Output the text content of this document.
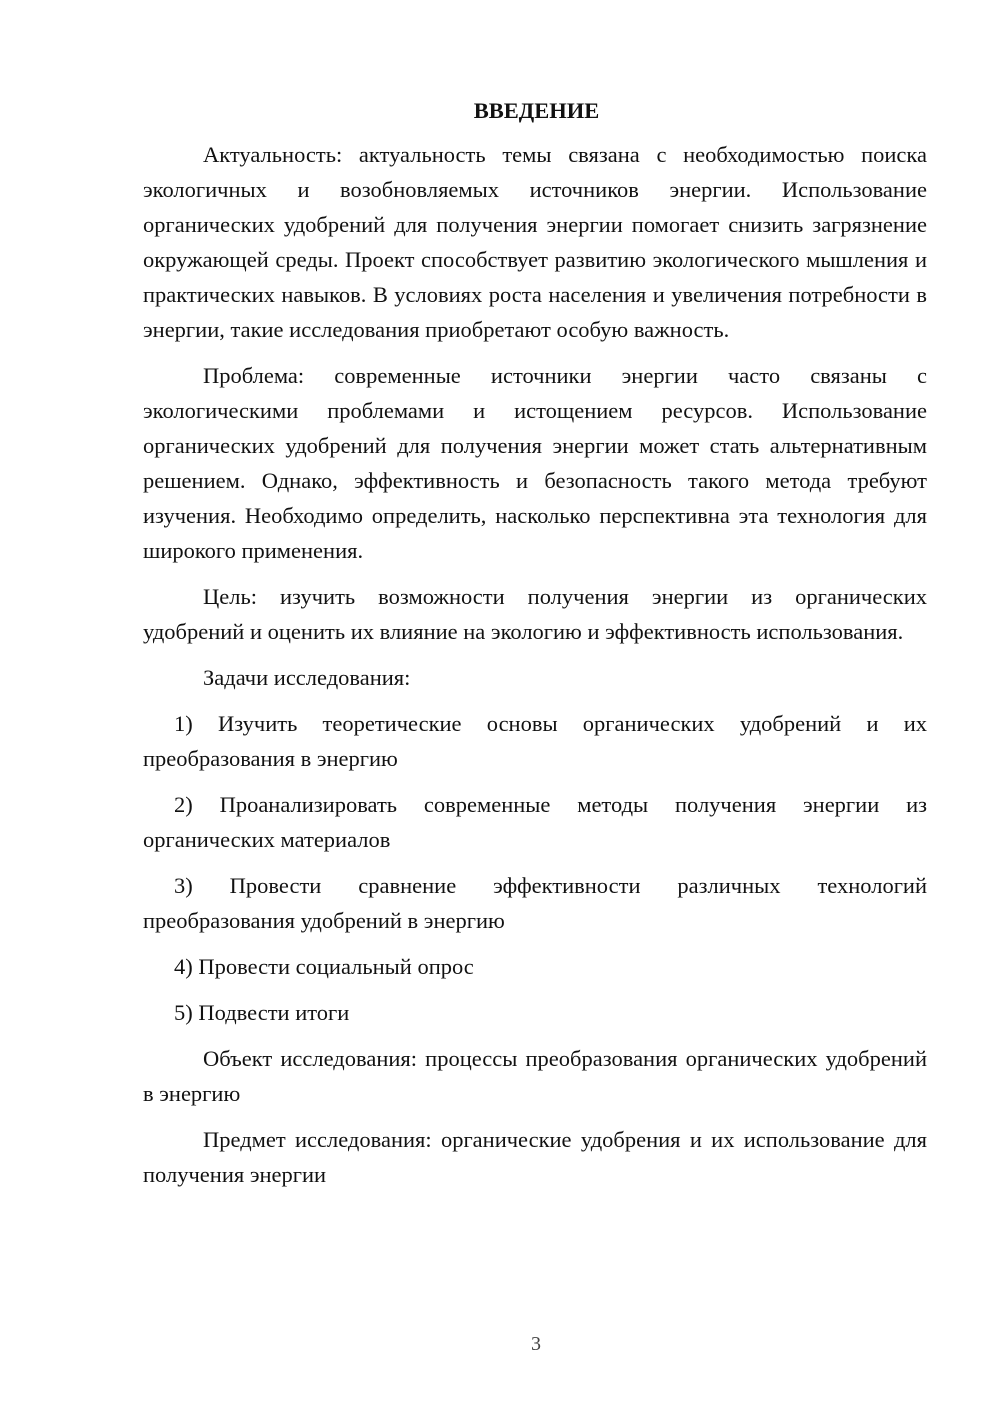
ВВЕДЕНИЕ

Актуальность: актуальность темы связана с необходимостью поиска экологичных и возобновляемых источников энергии. Использование органических удобрений для получения энергии помогает снизить загрязнение окружающей среды. Проект способствует развитию экологического мышления и практических навыков. В условиях роста населения и увеличения потребности в энергии, такие исследования приобретают особую важность.

Проблема: современные источники энергии часто связаны с экологическими проблемами и истощением ресурсов. Использование органических удобрений для получения энергии может стать альтернативным решением. Однако, эффективность и безопасность такого метода требуют изучения. Необходимо определить, насколько перспективна эта технология для широкого применения.

Цель: изучить возможности получения энергии из органических удобрений и оценить их влияние на экологию и эффективность использования.

Задачи исследования:

1) Изучить теоретические основы органических удобрений и их преобразования в энергию

2) Проанализировать современные методы получения энергии из органических материалов

3) Провести сравнение эффективности различных технологий преобразования удобрений в энергию

4) Провести социальный опрос

5) Подвести итоги

Объект исследования: процессы преобразования органических удобрений в энергию

Предмет исследования: органические удобрения и их использование для получения энергии

3
